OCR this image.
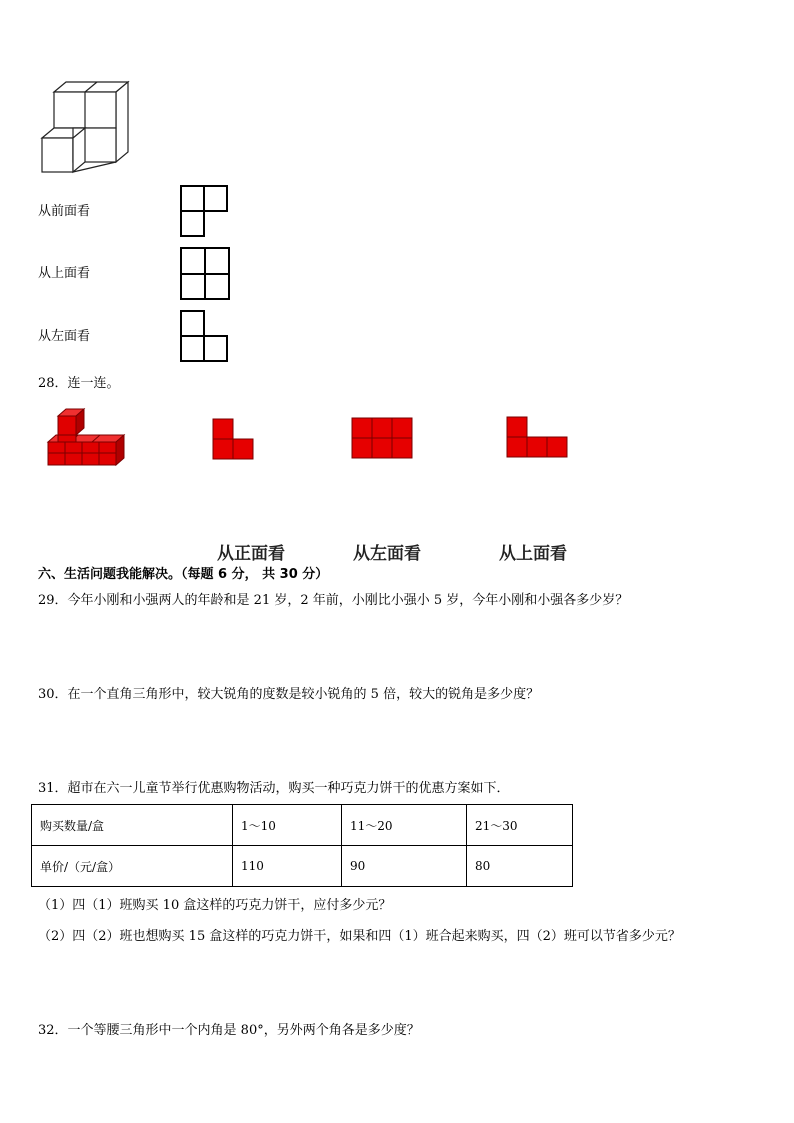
从前面看
从上面看
从左面看
28．连一连。
从正面看	从左面看	从上面看
六、生活问题我能解决。（每题 6 分， 共 30 分）
29．今年小刚和小强两人的年龄和是 21 岁，2 年前，小刚比小强小 5 岁，今年小刚和小强各多少岁？
30．在一个直角三角形中，较大锐角的度数是较小锐角的 5 倍，较大的锐角是多少度？
31．超市在六一儿童节举行优惠购物活动，购买一种巧克力饼干的优惠方案如下．
购买数量/盒	1～10	11～20	21～30
单价/（元/盒）	110	90	80
（1）四（1）班购买 10 盒这样的巧克力饼干，应付多少元？
（2）四（2）班也想购买 15 盒这样的巧克力饼干，如果和四（1）班合起来购买，四（2）班可以节省多少元？
32．一个等腰三角形中一个内角是 80°，另外两个角各是多少度？
